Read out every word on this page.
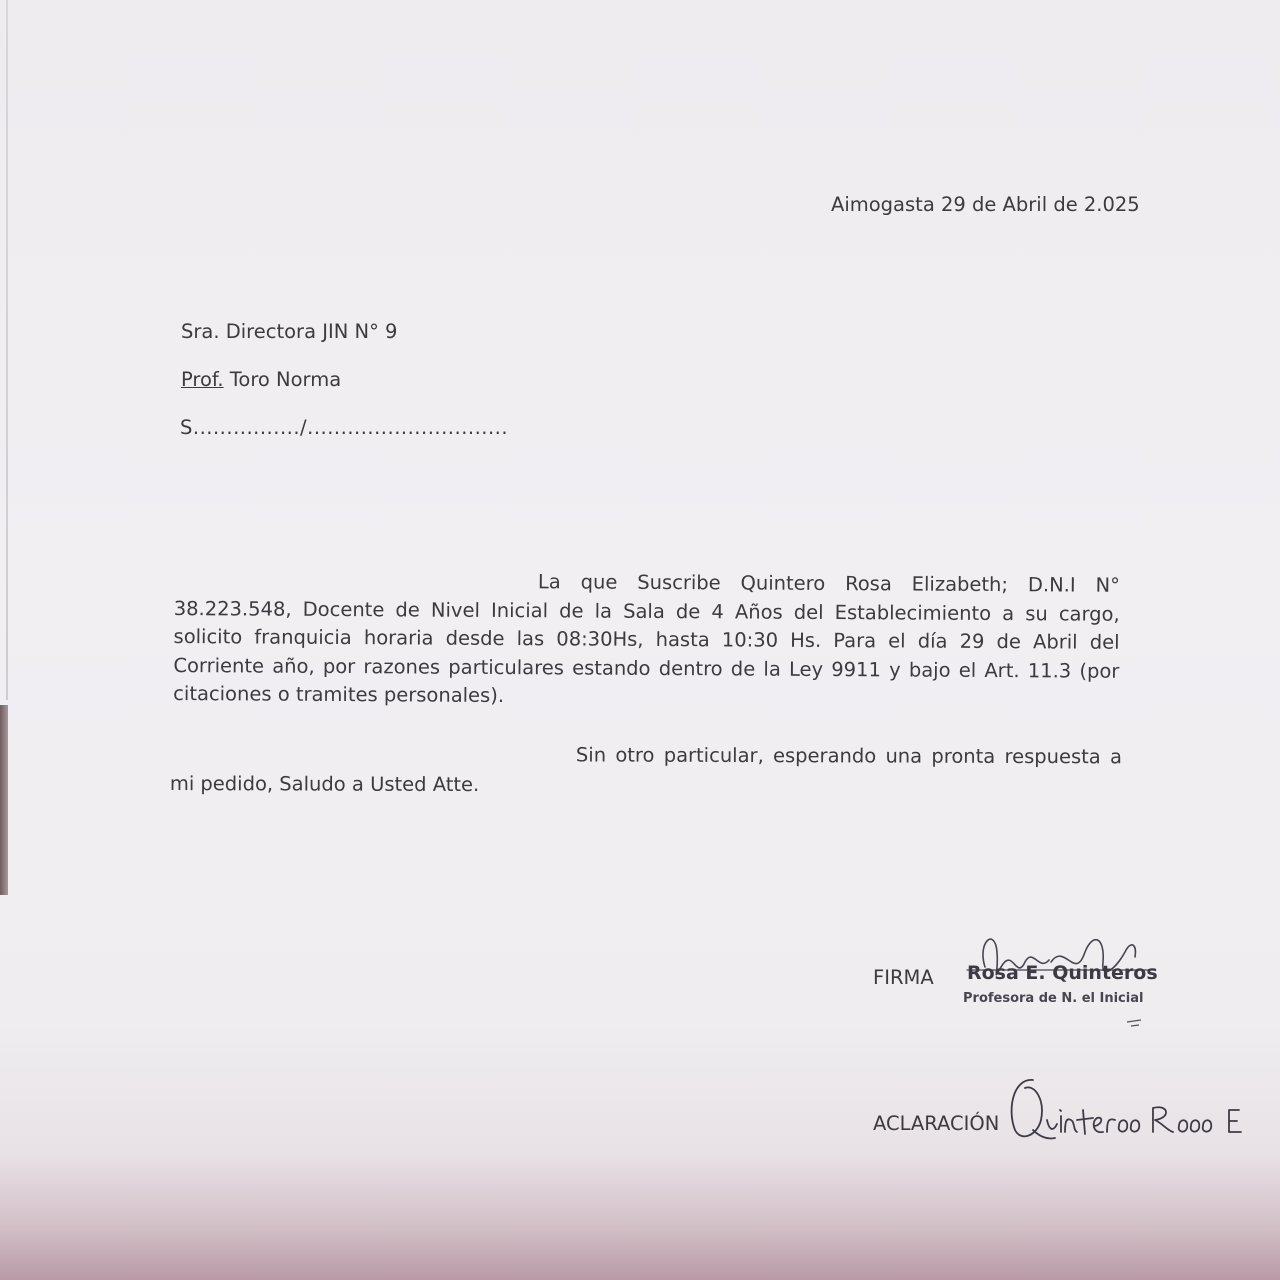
Aimogasta 29 de Abril de 2.025
Sra. Directora JIN N° 9
Prof. Toro Norma
S................/..............................

La que Suscribe Quintero Rosa Elizabeth; D.N.I N° 38.223.548, Docente de Nivel Inicial de la Sala de 4 Años del Establecimiento a su cargo, solicito franquicia horaria desde las 08:30Hs, hasta 10:30 Hs. Para el día 29 de Abril del Corriente año, por razones particulares estando dentro de la Ley 9911 y bajo el Art. 11.3 (por citaciones o tramites personales).

Sin otro particular, esperando una pronta respuesta a mi pedido, Saludo a Usted Atte.

FIRMA Rosa E. Quinteros
Profesora de N. el Inicial
ACLARACIÓN
